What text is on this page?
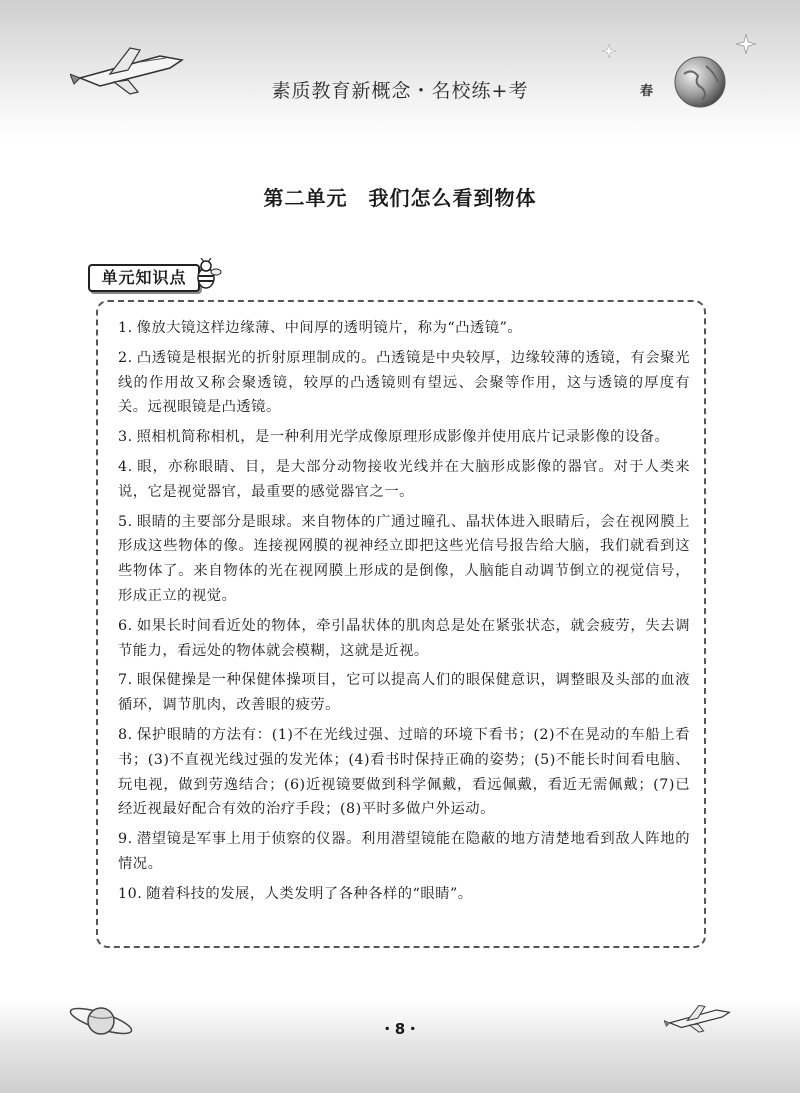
素质教育新概念・名校练+考	春
第二单元　我们怎么看到物体
单元知识点

1. 像放大镜这样边缘薄、中间厚的透明镜片，称为“凸透镜”。

2. 凸透镜是根据光的折射原理制成的。凸透镜是中央较厚，边缘较薄的透镜，有会聚光线的作用故又称会聚透镜，较厚的凸透镜则有望远、会聚等作用，这与透镜的厚度有关。远视眼镜是凸透镜。

3. 照相机简称相机，是一种利用光学成像原理形成影像并使用底片记录影像的设备。

4. 眼，亦称眼睛、目，是大部分动物接收光线并在大脑形成影像的器官。对于人类来说，它是视觉器官，最重要的感觉器官之一。

5. 眼睛的主要部分是眼球。来自物体的广通过瞳孔、晶状体进入眼睛后，会在视网膜上形成这些物体的像。连接视网膜的视神经立即把这些光信号报告给大脑，我们就看到这些物体了。来自物体的光在视网膜上形成的是倒像，人脑能自动调节倒立的视觉信号，形成正立的视觉。

6. 如果长时间看近处的物体，牵引晶状体的肌肉总是处在紧张状态，就会疲劳，失去调节能力，看远处的物体就会模糊，这就是近视。

7. 眼保健操是一种保健体操项目，它可以提高人们的眼保健意识，调整眼及头部的血液循环，调节肌肉，改善眼的疲劳。

8. 保护眼睛的方法有：(1)不在光线过强、过暗的环境下看书；(2)不在晃动的车船上看书；(3)不直视光线过强的发光体；(4)看书时保持正确的姿势；(5)不能长时间看电脑、玩电视，做到劳逸结合；(6)近视镜要做到科学佩戴，看远佩戴，看近无需佩戴；(7)已经近视最好配合有效的治疗手段；(8)平时多做户外运动。

9. 潜望镜是军事上用于侦察的仪器。利用潜望镜能在隐蔽的地方清楚地看到敌人阵地的情况。

10. 随着科技的发展，人类发明了各种各样的“眼睛”。

・8・
